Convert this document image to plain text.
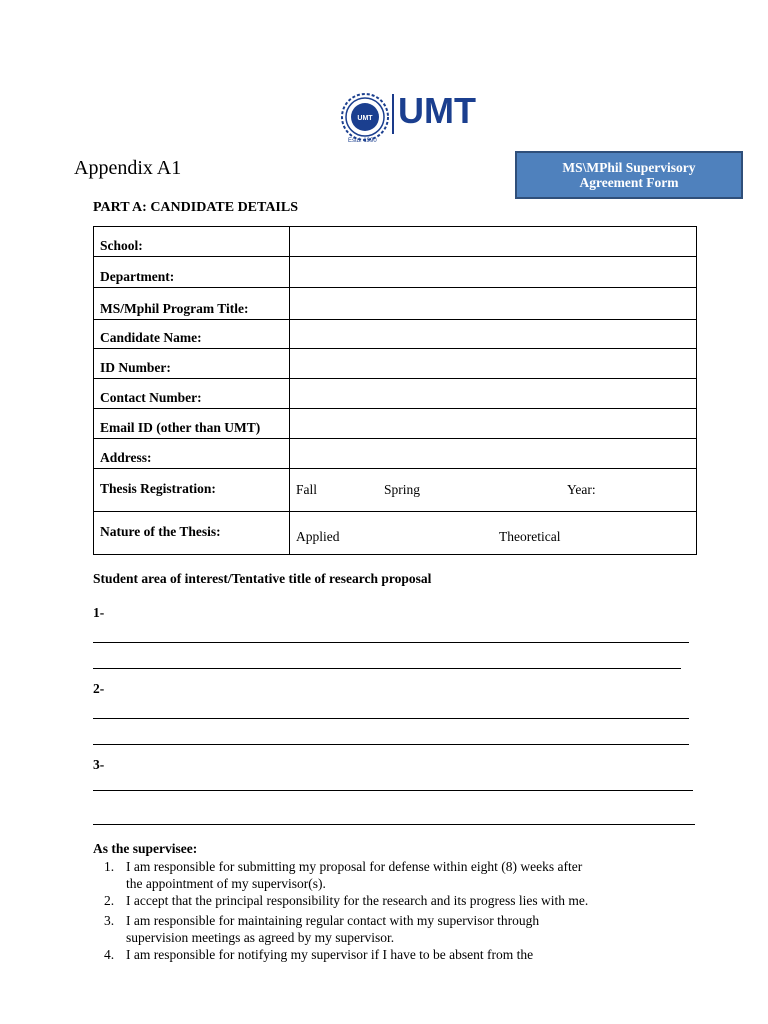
UMT UMT
Estd. 1990
Appendix A1	MS\MPhil Supervisory
Agreement Form
PART A: CANDIDATE DETAILS
School:	
Department:	
MS/Mphil Program Title:	
Candidate Name:	
ID Number:	
Contact Number:	
Email ID (other than UMT)	
Address:	
Thesis Registration:	Fall Spring Year:

Nature of the Thesis:	Applied Theoretical
Student area of interest/Tentative title of research proposal
1-
2-
3-
As the supervisee:
1. I am responsible for submitting my proposal for defense within eight (8) weeks after
the appointment of my supervisor(s).
2. I accept that the principal responsibility for the research and its progress lies with me.
3. I am responsible for maintaining regular contact with my supervisor through
supervision meetings as agreed by my supervisor.
4. I am responsible for notifying my supervisor if I have to be absent from the
